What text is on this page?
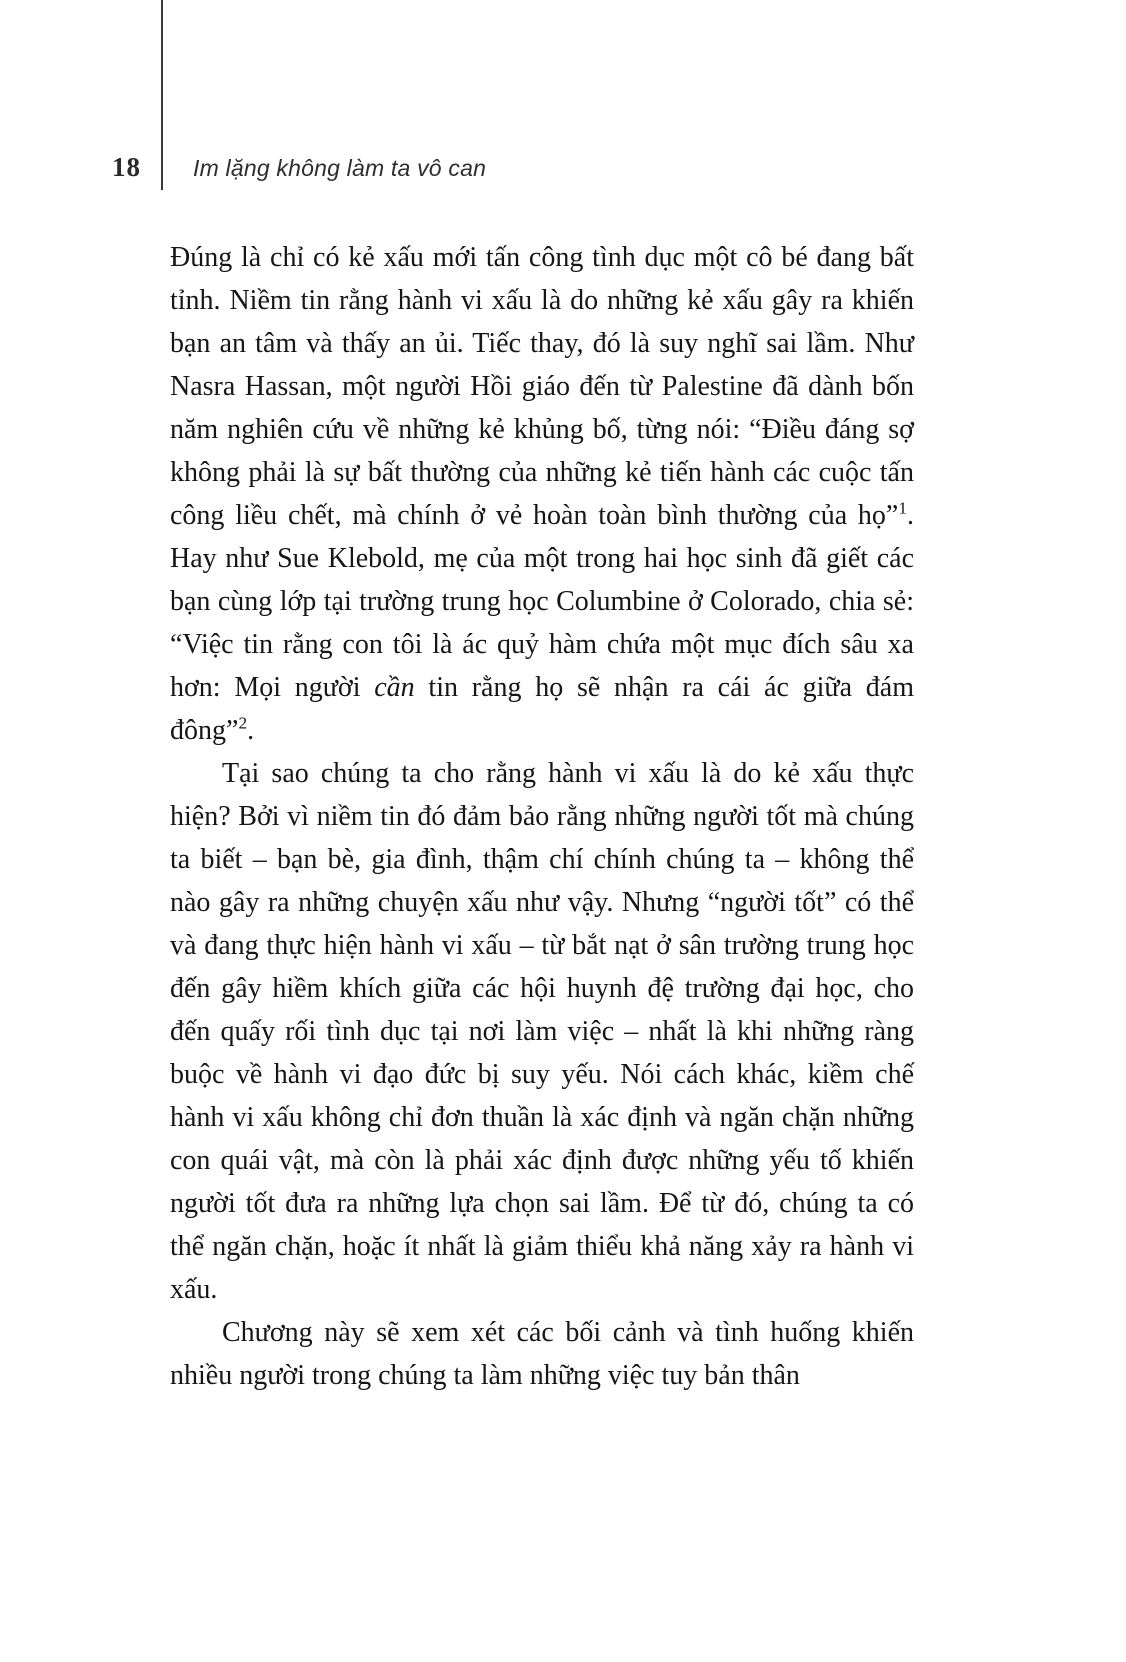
18 Im lặng không làm ta vô can

Đúng là chỉ có kẻ xấu mới tấn công tình dục một cô bé đang bất tỉnh. Niềm tin rằng hành vi xấu là do những kẻ xấu gây ra khiến bạn an tâm và thấy an ủi. Tiếc thay, đó là suy nghĩ sai lầm. Như Nasra Hassan, một người Hồi giáo đến từ Palestine đã dành bốn năm nghiên cứu về những kẻ khủng bố, từng nói: “Điều đáng sợ không phải là sự bất thường của những kẻ tiến hành các cuộc tấn công liều chết, mà chính ở vẻ hoàn toàn bình thường của họ”$^1$. Hay như Sue Klebold, mẹ của một trong hai học sinh đã giết các bạn cùng lớp tại trường trung học Columbine ở Colorado, chia sẻ: “Việc tin rằng con tôi là ác quỷ hàm chứa một mục đích sâu xa hơn: Mọi người cần tin rằng họ sẽ nhận ra cái ác giữa đám đông”$^2$.

Tại sao chúng ta cho rằng hành vi xấu là do kẻ xấu thực hiện? Bởi vì niềm tin đó đảm bảo rằng những người tốt mà chúng ta biết – bạn bè, gia đình, thậm chí chính chúng ta – không thể nào gây ra những chuyện xấu như vậy. Nhưng “người tốt” có thể và đang thực hiện hành vi xấu – từ bắt nạt ở sân trường trung học đến gây hiềm khích giữa các hội huynh đệ trường đại học, cho đến quấy rối tình dục tại nơi làm việc – nhất là khi những ràng buộc về hành vi đạo đức bị suy yếu. Nói cách khác, kiềm chế hành vi xấu không chỉ đơn thuần là xác định và ngăn chặn những con quái vật, mà còn là phải xác định được những yếu tố khiến người tốt đưa ra những lựa chọn sai lầm. Để từ đó, chúng ta có thể ngăn chặn, hoặc ít nhất là giảm thiểu khả năng xảy ra hành vi xấu.

Chương này sẽ xem xét các bối cảnh và tình huống khiến nhiều người trong chúng ta làm những việc tuy bản thân
